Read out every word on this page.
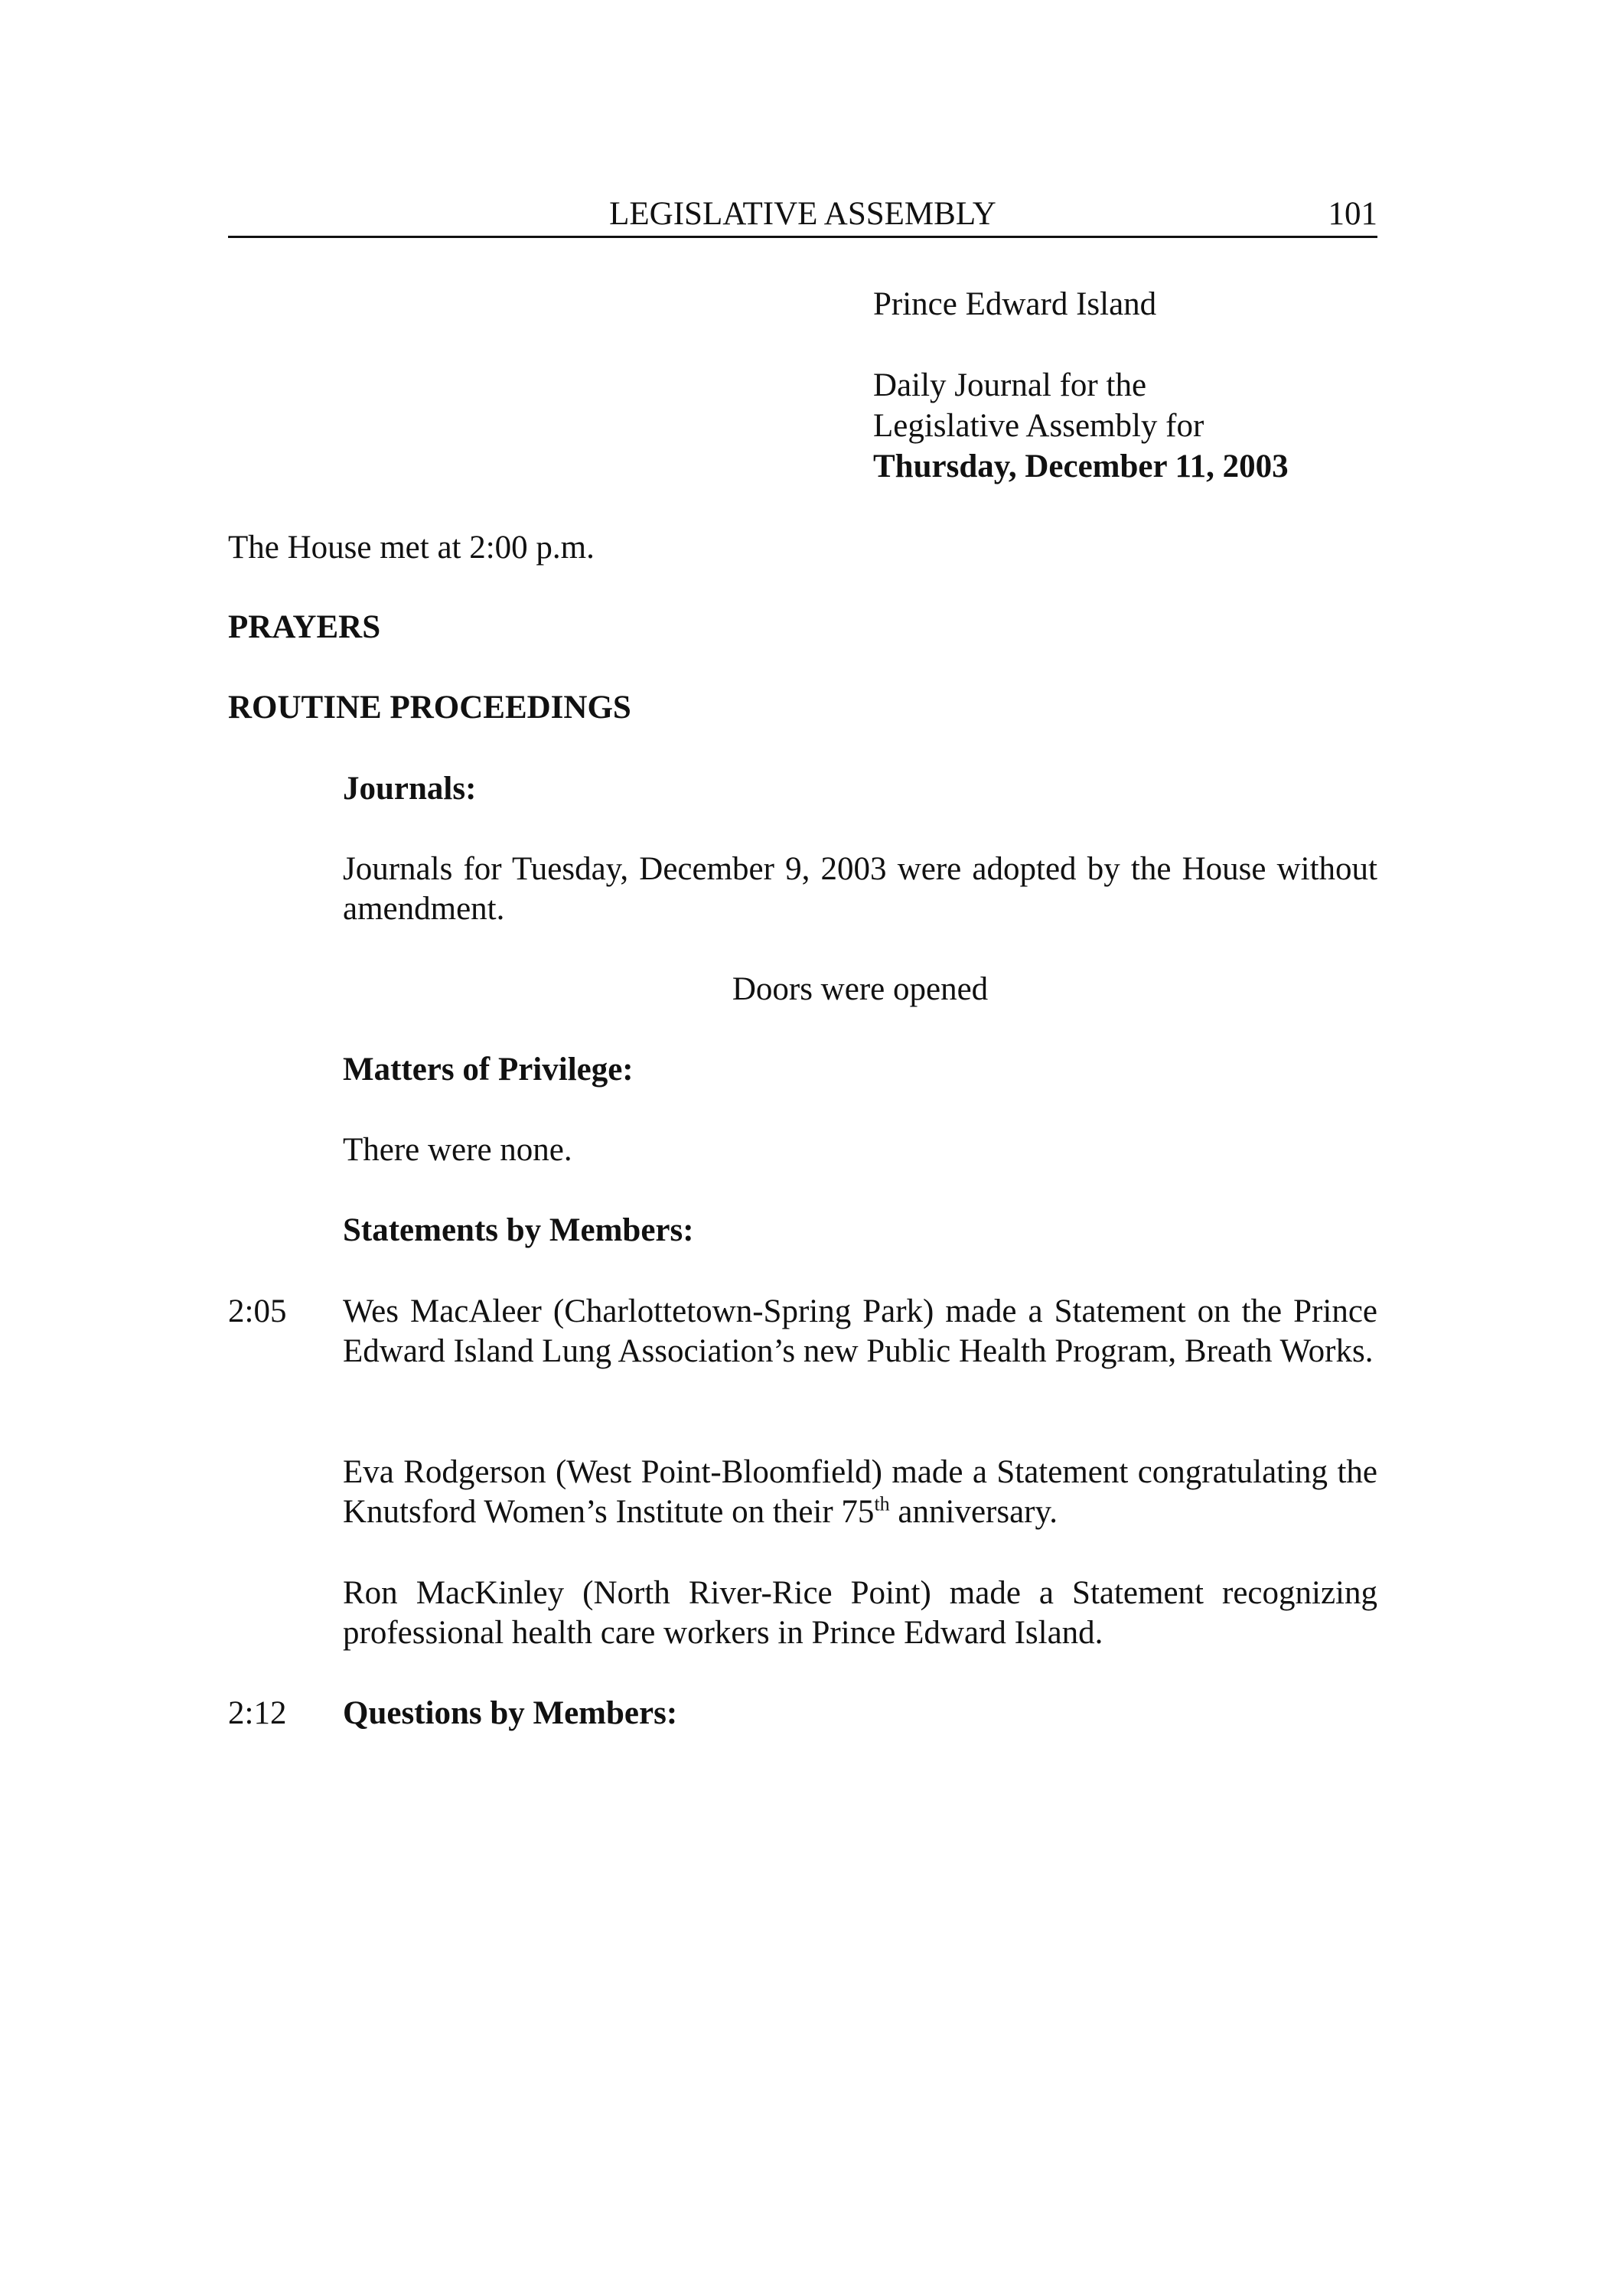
LEGISLATIVE ASSEMBLY	101
Prince Edward Island
Daily Journal for the
Legislative Assembly for
Thursday, December 11, 2003
The House met at 2:00 p.m.
PRAYERS
ROUTINE PROCEEDINGS
Journals:
Journals for Tuesday, December 9, 2003 were adopted by the House without amendment.
Doors were opened
Matters of Privilege:
There were none.
Statements by Members:
2:05 Wes MacAleer (Charlottetown-Spring Park) made a Statement on the Prince Edward Island Lung Association’s new Public Health Program, Breath Works.
Eva Rodgerson (West Point-Bloomfield) made a Statement congratulating the Knutsford Women’s Institute on their 75th anniversary.
Ron MacKinley (North River-Rice Point) made a Statement recognizing professional health care workers in Prince Edward Island.
2:12 Questions by Members:
